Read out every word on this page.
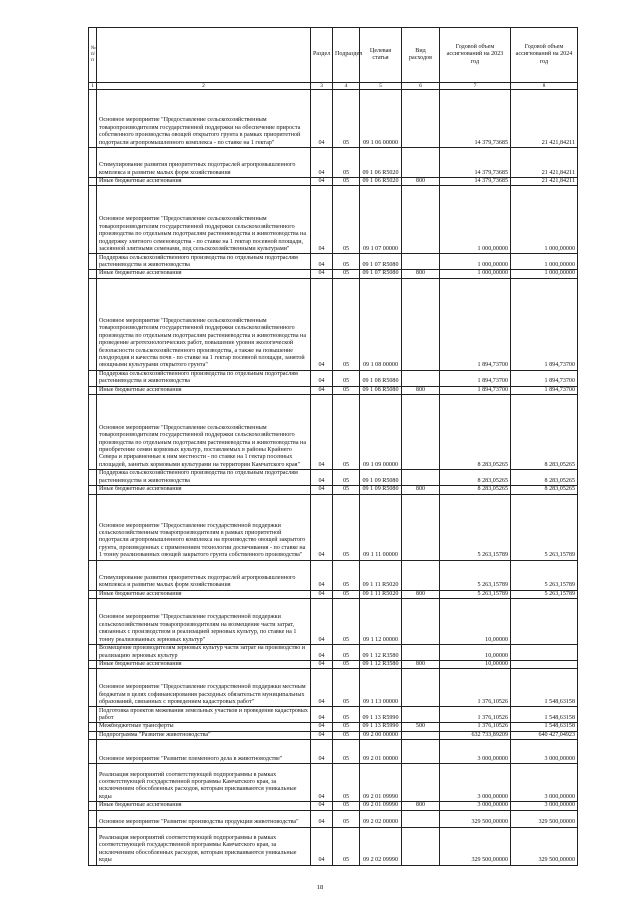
№ п/п		Раздел	Подраздел	Целевая статья	Вид расходов	Годовой объем ассигнований на 2023 год	Годовой объем ассигнований на 2024 год
1	2	3	4	5	6	7	8
	Основное мероприятие "Предоставление сельскохозяйственным товаропроизводителям государственной поддержки на обеспечение прироста собственного производства овощей открытого грунта в рамках приоритетной подотрасли агропромышленного комплекса - по ставке на 1 гектар"	04	05	09 1 06 00000		14 379,73685	21 421,84211
	Стимулирование развития приоритетных подотраслей агропромышленного комплекса и развитие малых форм хозяйствования	04	05	09 1 06 R5020		14 379,73685	21 421,84211
	Иные бюджетные ассигнования	04	05	09 1 06 R5020	800	14 379,73685	21 421,84211
	Основное мероприятие "Предоставление сельскохозяйственным товаропроизводителям государственной поддержки сельскохозяйственного производства по отдельным подотраслям растениеводства и животноводства на поддержку элитного семеноводства - по ставке на 1 гектар посевной площади, засеянной элитными семенами, под сельскохозяйственными культурами"	04	05	09 1 07 00000		1 000,00000	1 000,00000
	Поддержка сельскохозяйственного производства по отдельным подотраслям растениеводства и животноводства	04	05	09 1 07 R5080		1 000,00000	1 000,00000
	Иные бюджетные ассигнования	04	05	09 1 07 R5080	800	1 000,00000	1 000,00000
	Основное мероприятие "Предоставление сельскохозяйственным товаропроизводителям государственной поддержки сельскохозяйственного производства по отдельным подотраслям растениеводства и животноводства на проведение агротехнологических работ, повышение уровня экологической безопасности сельскохозяйственного производства, а также на повышение плодородия и качества почв - по ставке на 1 гектар посевной площади, занятой овощными культурами открытого грунта"	04	05	09 1 08 00000		1 894,73700	1 894,73700
	Поддержка сельскохозяйственного производства по отдельным подотраслям растениеводства и животноводства	04	05	09 1 08 R5080		1 894,73700	1 894,73700
	Иные бюджетные ассигнования	04	05	09 1 08 R5080	800	1 894,73700	1 894,73700
	Основное мероприятие "Предоставление сельскохозяйственным товаропроизводителям государственной поддержки сельскохозяйственного производства по отдельным подотраслям растениеводства и животноводства на приобретение семян кормовых культур, поставляемых в районы Крайнего Севера и приравненные к ним местности - по ставке на 1 гектар посевных площадей, занятых кормовыми культурами на территории Камчатского края"	04	05	09 1 09 00000		8 283,05265	8 283,05265
	Поддержка сельскохозяйственного производства по отдельным подотраслям растениеводства и животноводства	04	05	09 1 09 R5080		8 283,05265	8 283,05265
	Иные бюджетные ассигнования	04	05	09 1 09 R5080	800	8 283,05265	8 283,05265
	Основное мероприятие "Предоставление государственной поддержки сельскохозяйственным товаропроизводителям в рамках приоритетной подотрасли агропромышленного комплекса на производство овощей закрытого грунта, произведенных с применением технологии досвечивания - по ставке на 1 тонну реализованных овощей закрытого грунта собственного производства"	04	05	09 1 11 00000		5 263,15789	5 263,15789
	Стимулирование развития приоритетных подотраслей агропромышленного комплекса и развитие малых форм хозяйствования	04	05	09 1 11 R5020		5 263,15789	5 263,15789
	Иные бюджетные ассигнования	04	05	09 1 11 R5020	800	5 263,15789	5 263,15789
	Основное мероприятие "Предоставление государственной поддержки сельскохозяйственным товаропроизводителям на возмещение части затрат, связанных с производством и реализацией зерновых культур, по ставке на 1 тонну реализованных зерновых культур"	04	05	09 1 12 00000		10,00000	
	Возмещение производителям зерновых культур части затрат на производство и реализацию зерновых культур	04	05	09 1 12 R3580		10,00000	
	Иные бюджетные ассигнования	04	05	09 1 12 R3580	800	10,00000	
	Основное мероприятие "Предоставление государственной поддержки местным бюджетам в целях софинансирования расходных обязательств муниципальных образований, связанных с проведением кадастровых работ"	04	05	09 1 13 00000		1 376,10526	1 548,63158
	Подготовка проектов межевания земельных участков и проведение кадастровых работ	04	05	09 1 13 R5990		1 376,10526	1 548,63158
	Межбюджетные трансферты	04	05	09 1 13 R5990	500	1 376,10526	1 548,63158
	Подпрограмма "Развитие животноводства"	04	05	09 2 00 00000		632 733,89209	640 427,04923
	Основное мероприятие "Развитие племенного дела в животноводстве"	04	05	09 2 01 00000		3 000,00000	3 000,00000
	Реализация мероприятий соответствующей подпрограммы в рамках соответствующей государственной программы Камчатского края, за исключением обособленных расходов, которым присваиваются уникальные коды	04	05	09 2 01 09990		3 000,00000	3 000,00000
	Иные бюджетные ассигнования	04	05	09 2 01 09990	800	3 000,00000	3 000,00000
	Основное мероприятие "Развитие производства продукции животноводства"	04	05	09 2 02 00000		329 500,00000	329 500,00000
	Реализация мероприятий соответствующей подпрограммы в рамках соответствующей государственной программы Камчатского края, за исключением обособленных расходов, которым присваиваются уникальные коды	04	05	09 2 02 09990		329 500,00000	329 500,00000
18
